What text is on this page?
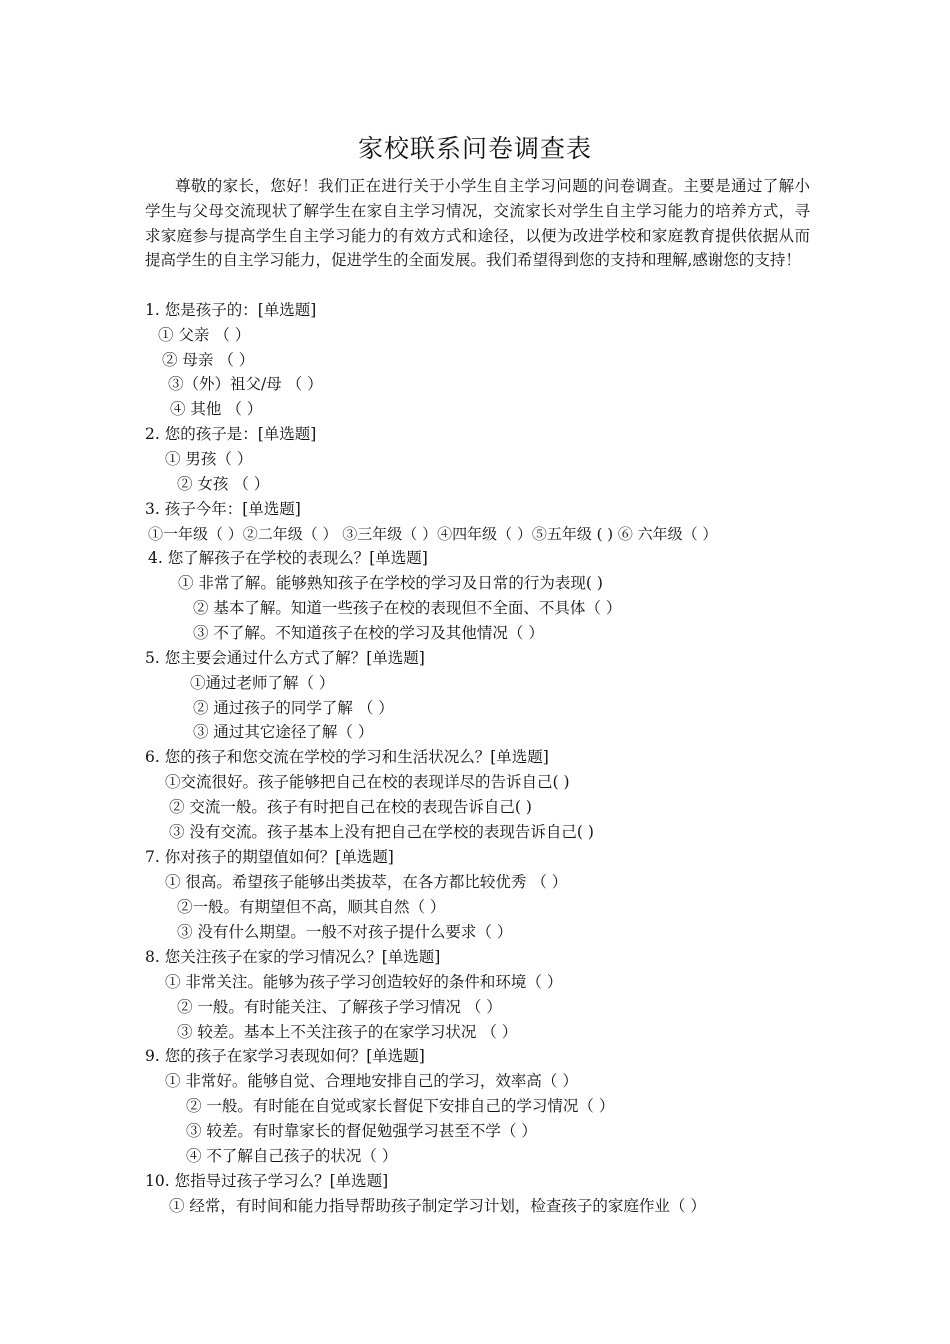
家校联系问卷调查表
尊敬的家长，您好！我们正在进行关于小学生自主学习问题的问卷调查。主要是通过了解小学生与父母交流现状了解学生在家自主学习情况，交流家长对学生自主学习能力的培养方式，寻求家庭参与提高学生自主学习能力的有效方式和途径，以便为改进学校和家庭教育提供依据从而提高学生的自主学习能力，促进学生的全面发展。我们希望得到您的支持和理解,感谢您的支持！
1. 您是孩子的：[单选题]
① 父亲 （ ）
② 母亲 （ ）
③（外）祖父/母 （ ）
④ 其他 （ ）
2. 您的孩子是：[单选题]
① 男孩（ ）
② 女孩 （ ）
3. 孩子今年：[单选题]
①一年级（ ）②二年级（ ） ③三年级（ ）④四年级（ ）⑤五年级 ( ) ⑥ 六年级（ ）
4. 您了解孩子在学校的表现么？[单选题]
① 非常了解。能够熟知孩子在学校的学习及日常的行为表现( )
② 基本了解。知道一些孩子在校的表现但不全面、不具体（ ）
③ 不了解。不知道孩子在校的学习及其他情况（ ）
5. 您主要会通过什么方式了解？[单选题]
①通过老师了解（ ）
② 通过孩子的同学了解 （ ）
③ 通过其它途径了解（ ）
6. 您的孩子和您交流在学校的学习和生活状况么？[单选题]
①交流很好。孩子能够把自己在校的表现详尽的告诉自己( )
② 交流一般。孩子有时把自己在校的表现告诉自己( )
③ 没有交流。孩子基本上没有把自己在学校的表现告诉自己( )
7. 你对孩子的期望值如何？[单选题]
① 很高。希望孩子能够出类拔萃，在各方都比较优秀 （ ）
②一般。有期望但不高，顺其自然（ ）
③ 没有什么期望。一般不对孩子提什么要求（ ）
8. 您关注孩子在家的学习情况么？[单选题]
① 非常关注。能够为孩子学习创造较好的条件和环境（ ）
② 一般。有时能关注、了解孩子学习情况 （ ）
③ 较差。基本上不关注孩子的在家学习状况 （ ）
9. 您的孩子在家学习表现如何？[单选题]
① 非常好。能够自觉、合理地安排自己的学习，效率高（ ）
② 一般。有时能在自觉或家长督促下安排自己的学习情况（ ）
③ 较差。有时靠家长的督促勉强学习甚至不学（ ）
④ 不了解自己孩子的状况（ ）
10. 您指导过孩子学习么？[单选题]
① 经常，有时间和能力指导帮助孩子制定学习计划，检查孩子的家庭作业（ ）
